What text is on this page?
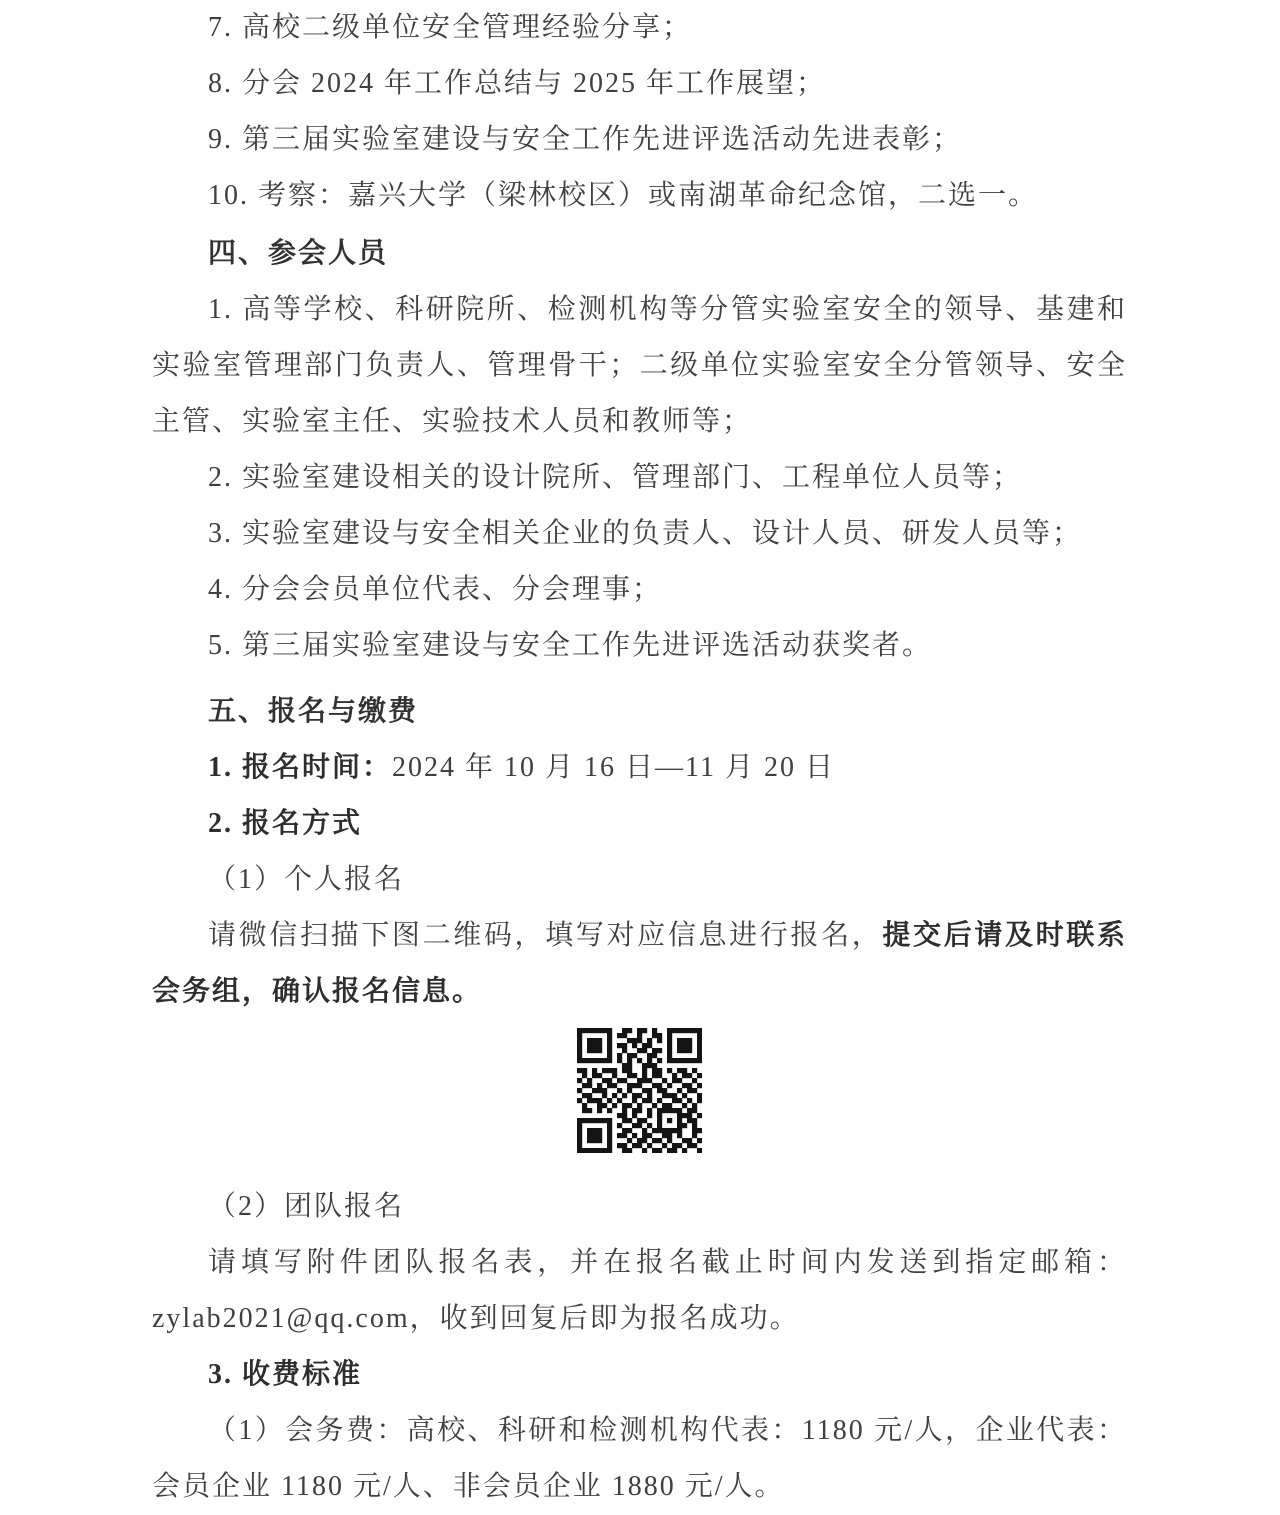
7. 高校二级单位安全管理经验分享；

8. 分会 2024 年工作总结与 2025 年工作展望；

9. 第三届实验室建设与安全工作先进评选活动先进表彰；

10. 考察：嘉兴大学（梁林校区）或南湖革命纪念馆，二选一。

四、参会人员

1. 高等学校、科研院所、检测机构等分管实验室安全的领导、基建和实验室管理部门负责人、管理骨干；二级单位实验室安全分管领导、安全主管、实验室主任、实验技术人员和教师等；

2. 实验室建设相关的设计院所、管理部门、工程单位人员等；

3. 实验室建设与安全相关企业的负责人、设计人员、研发人员等；

4. 分会会员单位代表、分会理事；

5. 第三届实验室建设与安全工作先进评选活动获奖者。

五、报名与缴费

1. 报名时间：2024 年 10 月 16 日—11 月 20 日

2. 报名方式

（1）个人报名

请微信扫描下图二维码，填写对应信息进行报名，提交后请及时联系会务组，确认报名信息。

（2）团队报名

请填写附件团队报名表，并在报名截止时间内发送到指定邮箱：zylab2021@qq.com，收到回复后即为报名成功。

3. 收费标准

（1）会务费：高校、科研和检测机构代表：1180 元/人，企业代表：会员企业 1180 元/人、非会员企业 1880 元/人。
